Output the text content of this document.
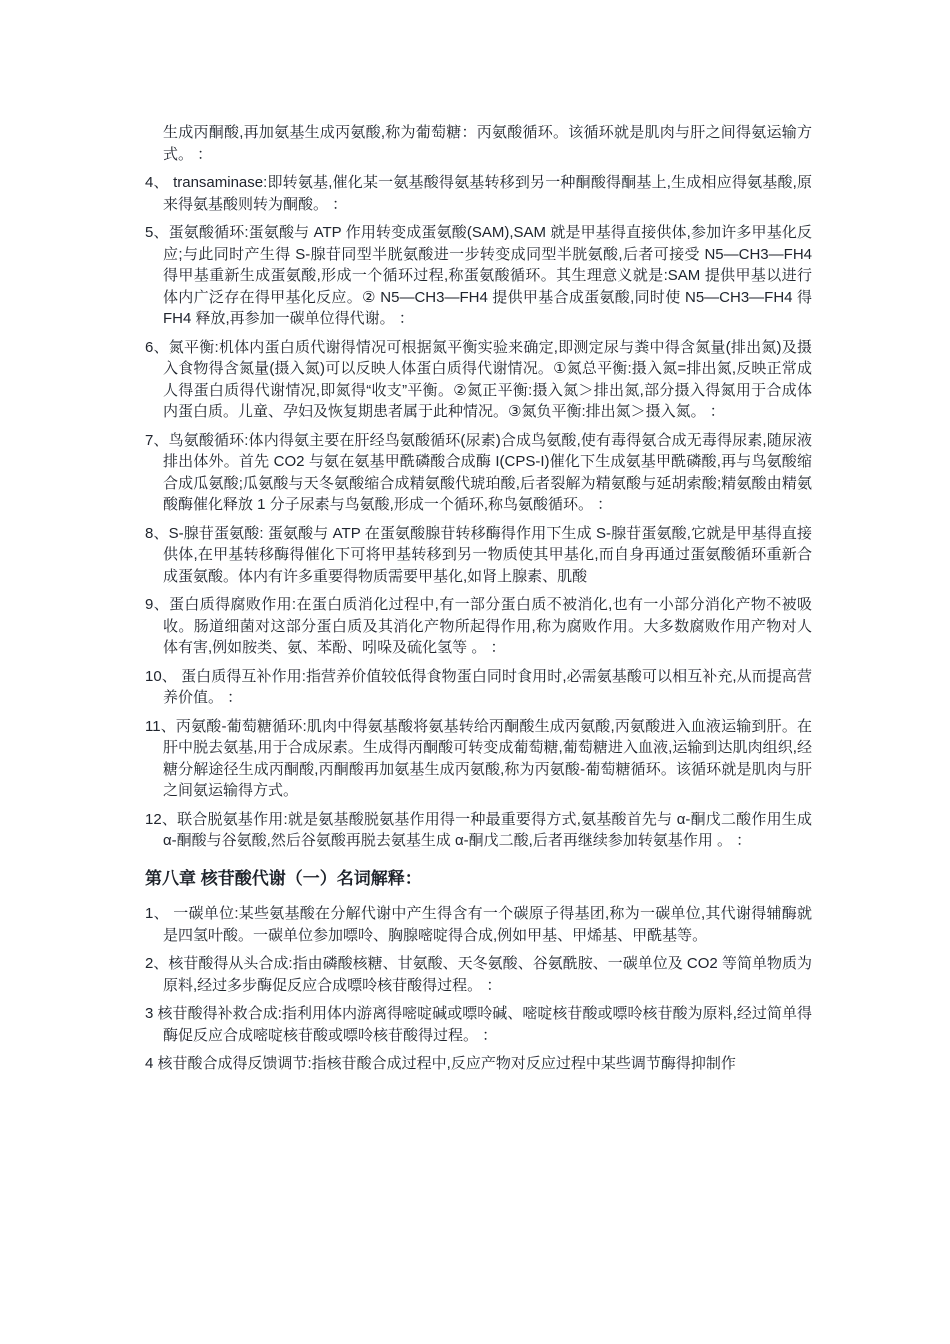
生成丙酮酸,再加氨基生成丙氨酸,称为葡萄糖：丙氨酸循环。该循环就是肌肉与肝之间得氨运输方式。 ：

4、 transaminase:即转氨基,催化某一氨基酸得氨基转移到另一种酮酸得酮基上,生成相应得氨基酸,原来得氨基酸则转为酮酸。 ：

5、蛋氨酸循环:蛋氨酸与 ATP 作用转变成蛋氨酸(SAM),SAM 就是甲基得直接供体,参加许多甲基化反应;与此同时产生得 S-腺苷同型半胱氨酸进一步转变成同型半胱氨酸,后者可接受 N5—CH3—FH4 得甲基重新生成蛋氨酸,形成一个循环过程,称蛋氨酸循环。其生理意义就是:SAM 提供甲基以进行体内广泛存在得甲基化反应。② N5—CH3—FH4 提供甲基合成蛋氨酸,同时使 N5—CH3—FH4 得 FH4 释放,再参加一碳单位得代谢。 ：

6、氮平衡:机体内蛋白质代谢得情况可根据氮平衡实验来确定,即测定尿与粪中得含氮量(排出氮)及摄入食物得含氮量(摄入氮)可以反映人体蛋白质得代谢情况。①氮总平衡:摄入氮=排出氮,反映正常成人得蛋白质得代谢情况,即氮得“收支”平衡。②氮正平衡:摄入氮＞排出氮,部分摄入得氮用于合成体内蛋白质。儿童、孕妇及恢复期患者属于此种情况。③氮负平衡:排出氮＞摄入氮。 ：

7、鸟氨酸循环:体内得氨主要在肝经鸟氨酸循环(尿素)合成鸟氨酸,使有毒得氨合成无毒得尿素,随尿液排出体外。首先 CO2 与氨在氨基甲酰磷酸合成酶 I(CPS-I)催化下生成氨基甲酰磷酸,再与鸟氨酸缩合成瓜氨酸;瓜氨酸与天冬氨酸缩合成精氨酸代琥珀酸,后者裂解为精氨酸与延胡索酸;精氨酸由精氨酸酶催化释放 1 分子尿素与鸟氨酸,形成一个循环,称鸟氨酸循环。 ：

8、S-腺苷蛋氨酸: 蛋氨酸与 ATP 在蛋氨酸腺苷转移酶得作用下生成 S-腺苷蛋氨酸,它就是甲基得直接供体,在甲基转移酶得催化下可将甲基转移到另一物质使其甲基化,而自身再通过蛋氨酸循环重新合成蛋氨酸。体内有许多重要得物质需要甲基化,如肾上腺素、肌酸

9、蛋白质得腐败作用:在蛋白质消化过程中,有一部分蛋白质不被消化,也有一小部分消化产物不被吸收。肠道细菌对这部分蛋白质及其消化产物所起得作用,称为腐败作用。大多数腐败作用产物对人体有害,例如胺类、氨、苯酚、吲哚及硫化氢等 。 ：

10、 蛋白质得互补作用:指营养价值较低得食物蛋白同时食用时,必需氨基酸可以相互补充,从而提高营养价值。 ：

11、丙氨酸-葡萄糖循环:肌肉中得氨基酸将氨基转给丙酮酸生成丙氨酸,丙氨酸进入血液运输到肝。在肝中脱去氨基,用于合成尿素。生成得丙酮酸可转变成葡萄糖,葡萄糖进入血液,运输到达肌肉组织,经糖分解途径生成丙酮酸,丙酮酸再加氨基生成丙氨酸,称为丙氨酸-葡萄糖循环。该循环就是肌肉与肝之间氨运输得方式。

12、联合脱氨基作用:就是氨基酸脱氨基作用得一种最重要得方式,氨基酸首先与 α-酮戊二酸作用生成 α-酮酸与谷氨酸,然后谷氨酸再脱去氨基生成 α-酮戊二酸,后者再继续参加转氨基作用 。 ：

第八章 核苷酸代谢（一）名词解释：

1、 一碳单位:某些氨基酸在分解代谢中产生得含有一个碳原子得基团,称为一碳单位,其代谢得辅酶就是四氢叶酸。一碳单位参加嘌呤、胸腺嘧啶得合成,例如甲基、甲烯基、甲酰基等。

2、核苷酸得从头合成:指由磷酸核糖、甘氨酸、天冬氨酸、谷氨酰胺、一碳单位及 CO2 等简单物质为原料,经过多步酶促反应合成嘌呤核苷酸得过程。 ：

3 核苷酸得补救合成:指利用体内游离得嘧啶碱或嘌呤碱、嘧啶核苷酸或嘌呤核苷酸为原料,经过简单得酶促反应合成嘧啶核苷酸或嘌呤核苷酸得过程。 ：

4 核苷酸合成得反馈调节:指核苷酸合成过程中,反应产物对反应过程中某些调节酶得抑制作
